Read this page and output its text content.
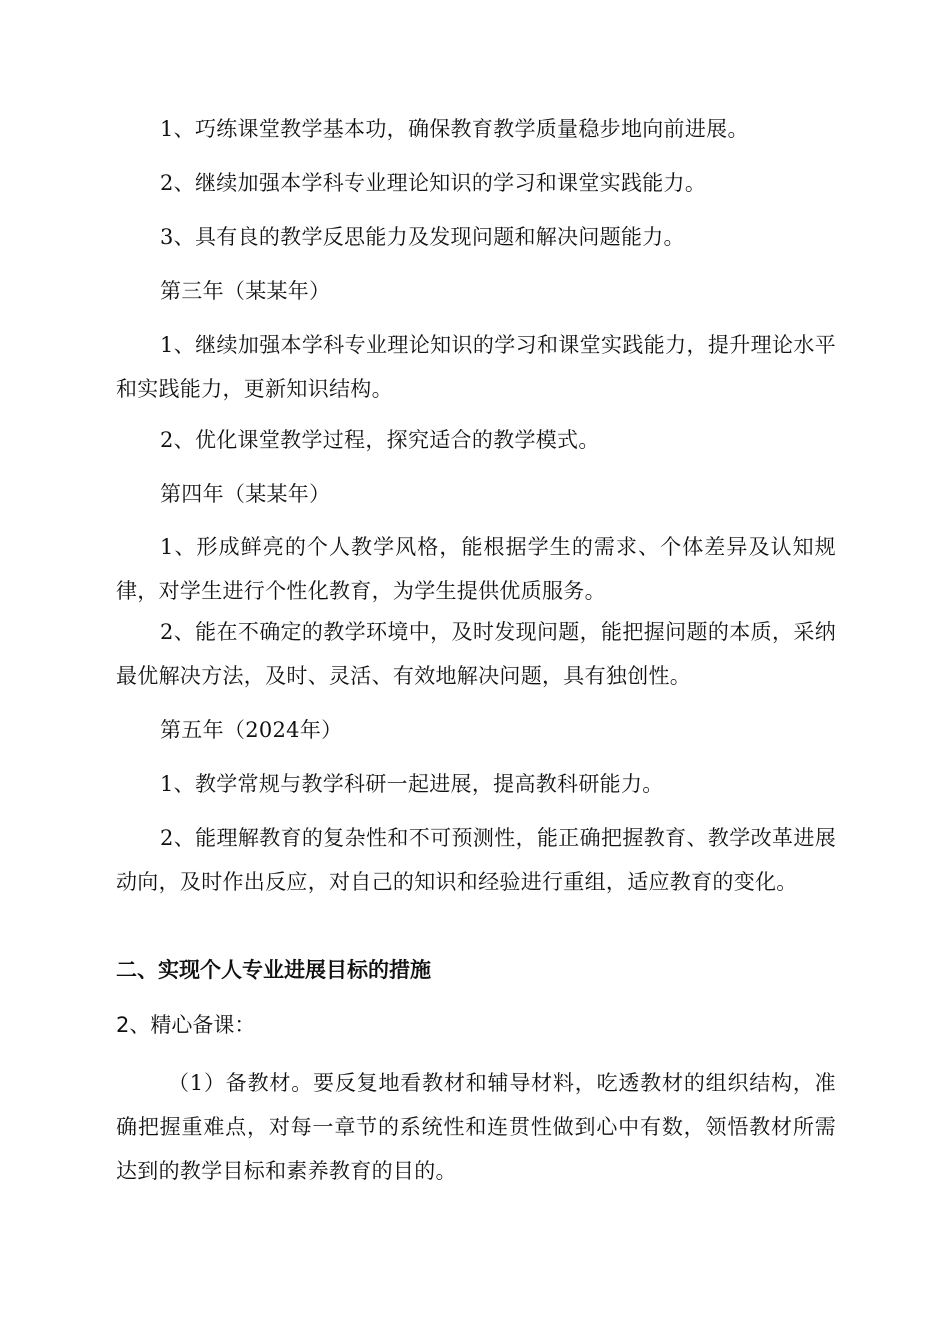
1、巧练课堂教学基本功，确保教育教学质量稳步地向前进展。

2、继续加强本学科专业理论知识的学习和课堂实践能力。

3、具有良的教学反思能力及发现问题和解决问题能力。

第三年（某某年）

1、继续加强本学科专业理论知识的学习和课堂实践能力，提升理论水平和实践能力，更新知识结构。

2、优化课堂教学过程，探究适合的教学模式。

第四年（某某年）

1、形成鲜亮的个人教学风格，能根据学生的需求、个体差异及认知规律，对学生进行个性化教育，为学生提供优质服务。

2、能在不确定的教学环境中，及时发现问题，能把握问题的本质，采纳最优解决方法，及时、灵活、有效地解决问题，具有独创性。

第五年（2024年）

1、教学常规与教学科研一起进展，提高教科研能力。

2、能理解教育的复杂性和不可预测性，能正确把握教育、教学改革进展动向，及时作出反应，对自己的知识和经验进行重组，适应教育的变化。

二、实现个人专业进展目标的措施
2、精心备课：

（1）备教材。要反复地看教材和辅导材料，吃透教材的组织结构，准确把握重难点，对每一章节的系统性和连贯性做到心中有数，领悟教材所需达到的教学目标和素养教育的目的。
